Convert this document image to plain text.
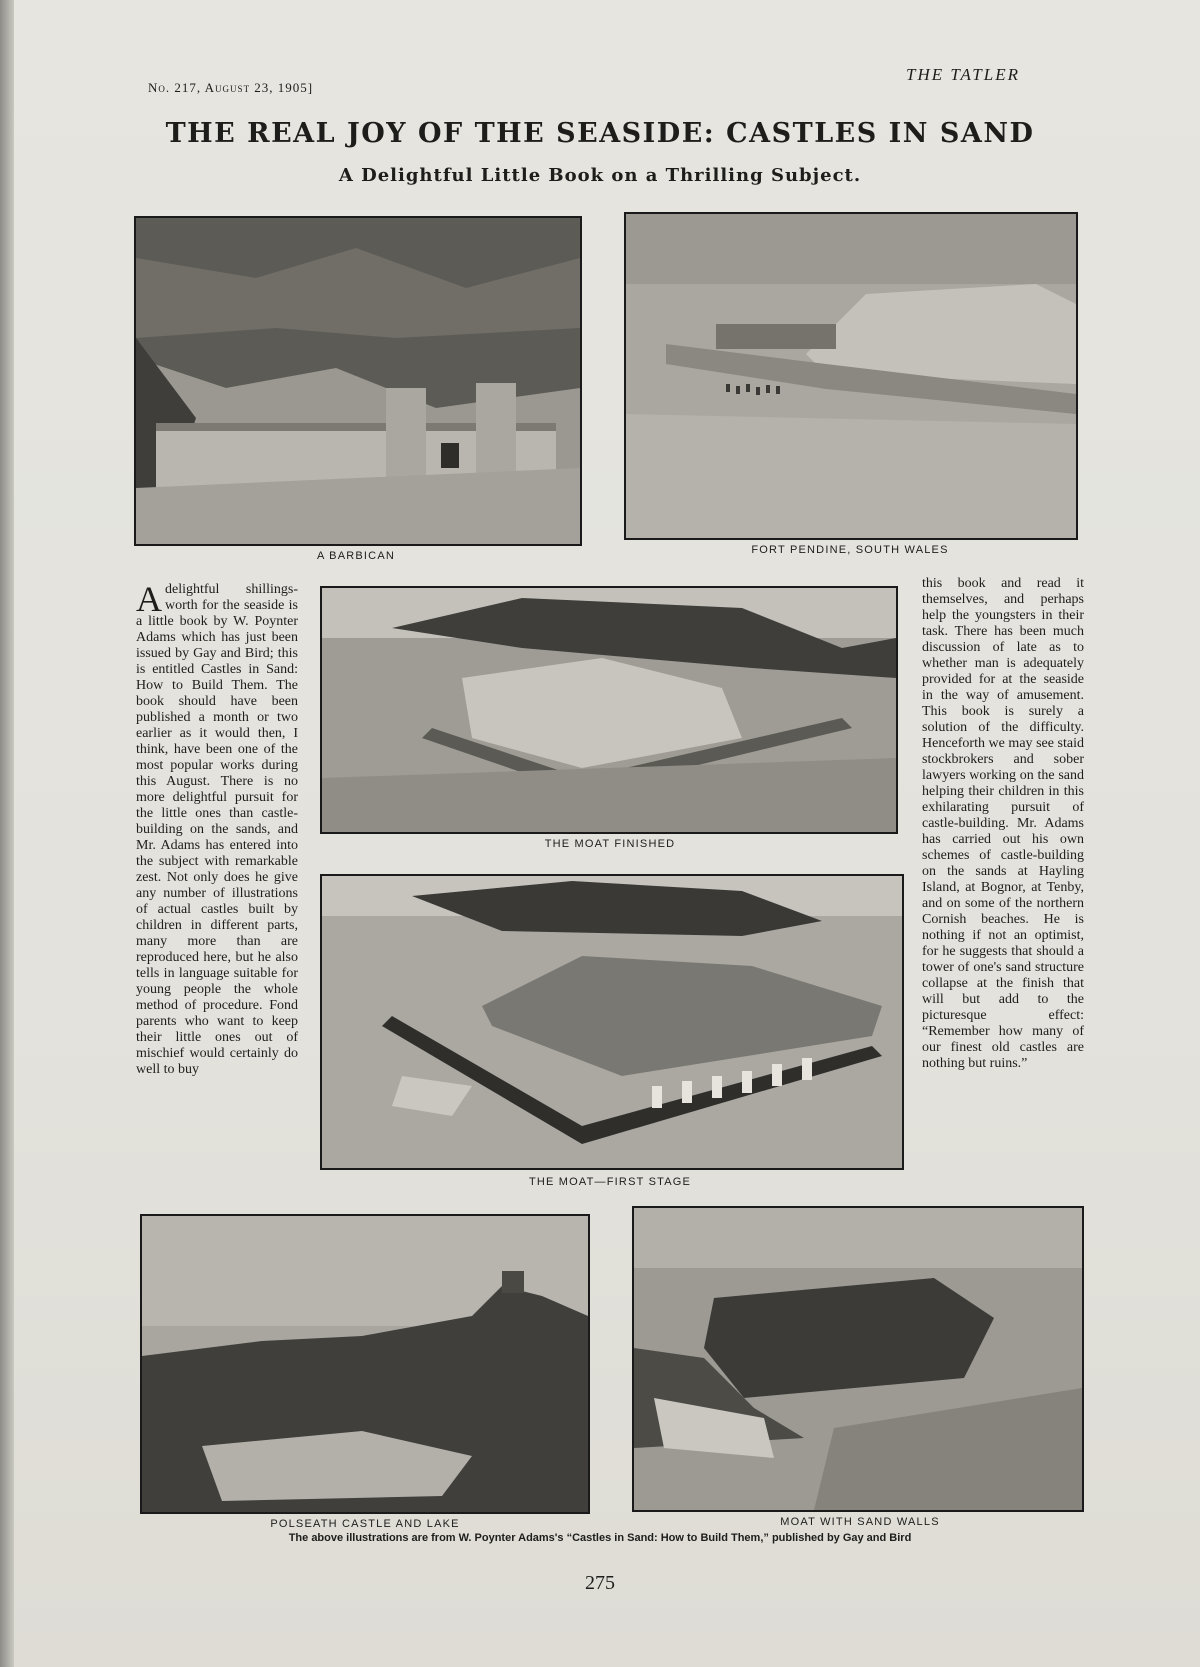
No. 217, August 23, 1905]
THE TATLER
THE REAL JOY OF THE SEASIDE: CASTLES IN SAND
A Delightful Little Book on a Thrilling Subject.
A BARBICAN	FORT PENDINE, SOUTH WALES
Adelightful shillings-worth for the seaside is a little book by W. Poynter Adams which has just been issued by Gay and Bird; this is entitled Castles in Sand: How to Build Them. The book should have been published a month or two earlier as it would then, I think, have been one of the most popular works during this August. There is no more delightful pursuit for the little ones than castle-building on the sands, and Mr. Adams has entered into the subject with remarkable zest. Not only does he give any number of illustrations of actual castles built by children in different parts, many more than are reproduced here, but he also tells in language suitable for young people the whole method of procedure. Fond parents who want to keep their little ones out of mischief would certainly do well to buy
THE MOAT FINISHED
THE MOAT—FIRST STAGE
this book and read it themselves, and perhaps help the youngsters in their task. There has been much discussion of late as to whether man is adequately provided for at the seaside in the way of amusement. This book is surely a solution of the difficulty. Henceforth we may see staid stockbrokers and sober lawyers working on the sand helping their children in this exhilarating pursuit of castle-building. Mr. Adams has carried out his own schemes of castle-building on the sands at Hayling Island, at Bognor, at Tenby, and on some of the northern Cornish beaches. He is nothing if not an optimist, for he suggests that should a tower of one's sand structure collapse at the finish that will but add to the picturesque effect: “Remember how many of our finest old castles are nothing but ruins.”
POLSEATH CASTLE AND LAKE	MOAT WITH SAND WALLS
The above illustrations are from W. Poynter Adams's “Castles in Sand: How to Build Them,” published by Gay and Bird
275
